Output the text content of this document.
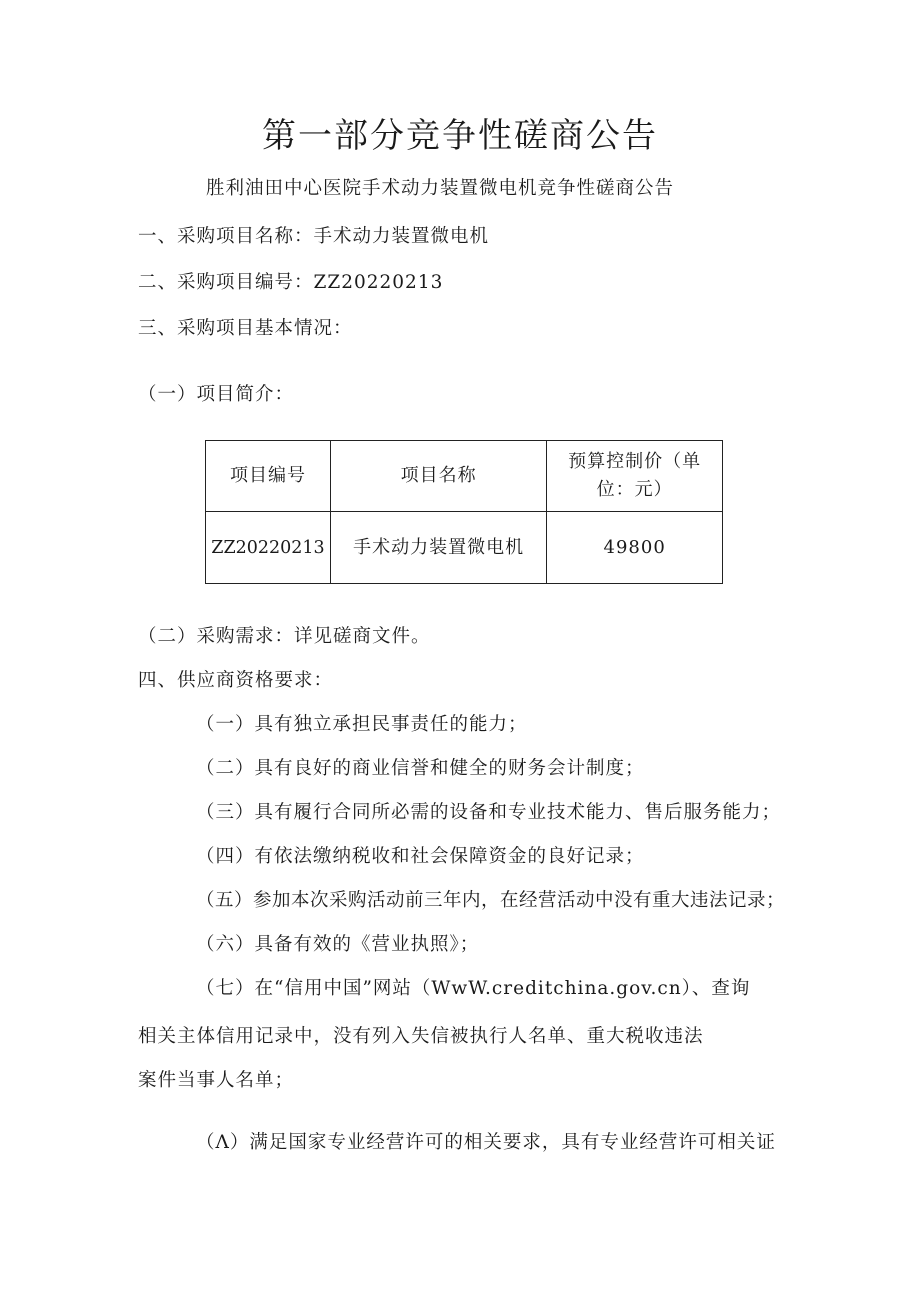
第一部分竞争性磋商公告
胜利油田中心医院手术动力装置微电机竞争性磋商公告
一、采购项目名称：手术动力装置微电机
二、采购项目编号：ZZ20220213
三、采购项目基本情况：
（一）项目简介：
项目编号	项目名称	预算控制价（单位：元）
ZZ20220213	手术动力装置微电机	49800
（二）采购需求：详见磋商文件。
四、供应商资格要求：
（一）具有独立承担民事责任的能力；
（二）具有良好的商业信誉和健全的财务会计制度；
（三）具有履行合同所必需的设备和专业技术能力、售后服务能力；
（四）有依法缴纳税收和社会保障资金的良好记录；
（五）参加本次采购活动前三年内，在经营活动中没有重大违法记录；
（六）具备有效的《营业执照》；
（七）在“信用中国”网站（WwW.creditchina.gov.cn）、查询
相关主体信用记录中，没有列入失信被执行人名单、重大税收违法
案件当事人名单；
（Λ）满足国家专业经营许可的相关要求，具有专业经营许可相关证
